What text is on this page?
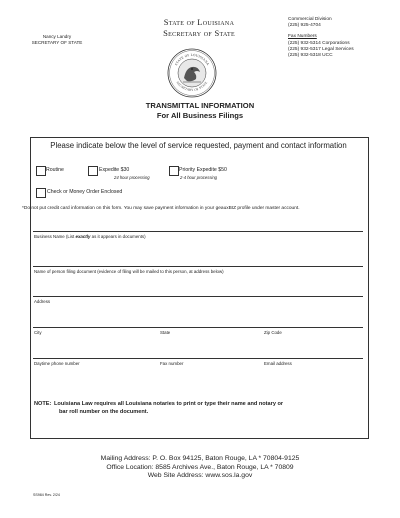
Nancy Landry
SECRETARY OF STATE
State of Louisiana
Secretary of State
STATE OF LOUISIANA
SECRETARY OF STATE
Commercial Division
(225) 925-4704
Fax Numbers
(225) 932-5314 Corporations
(225) 932-5317 Legal Services
(225) 932-5318 UCC
TRANSMITTAL INFORMATION
For All Business Filings
Please indicate below the level of service requested, payment and contact information
Routine	Expedite $30
24 hour processing
Priority Expedite $50
2-4 hour processing
Check or Money Order Enclosed
*Do not put credit card information on this form. You may save payment information in your geauxBIZ profile under master account.
Business Name (List exactly as it appears in documents)
Name of person filing document (evidence of filing will be mailed to this person, at address below)
Address
City	State	Zip Code
Daytime phone number	Fax number	Email address
NOTE: Louisiana Law requires all Louisiana notaries to print or type their name and notary or
bar roll number on the document.
Mailing Address: P. O. Box 94125, Baton Rouge, LA * 70804-9125
Office Location: 8585 Archives Ave., Baton Rouge, LA * 70809
Web Site Address: www.sos.la.gov
SS984 Rev. 2/24
